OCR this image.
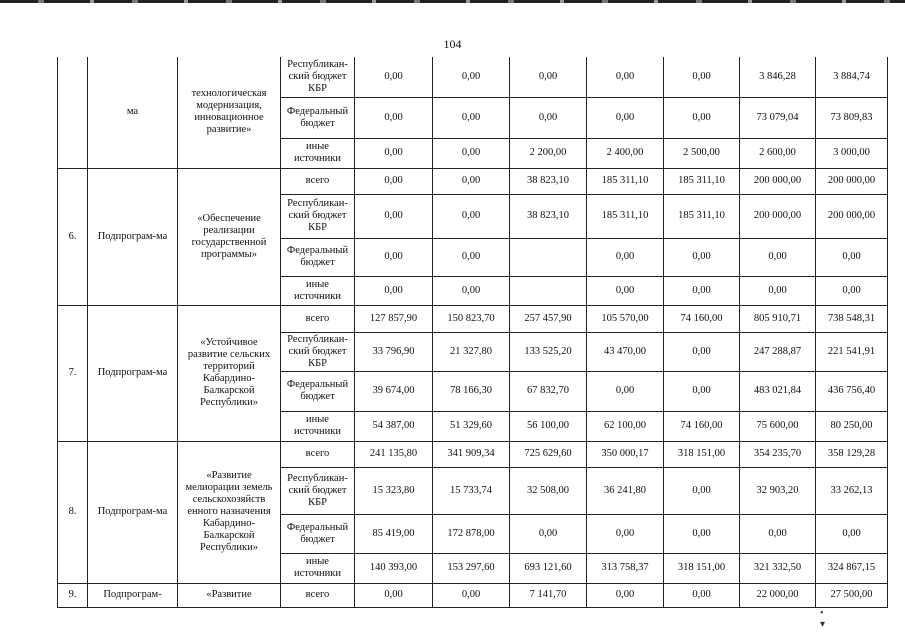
104
	ма	технологическая модернизация, инновационное развитие»	Республикан-ский бюджет КБР	0,00	0,00	0,00	0,00	0,00	3 846,28	3 884,74
			Федеральный бюджет	0,00	0,00	0,00	0,00	0,00	73 079,04	73 809,83
			иные источники	0,00	0,00	2 200,00	2 400,00	2 500,00	2 600,00	3 000,00
6.	Подпрограм-ма	«Обеспечение реализации государственной программы»	всего	0,00	0,00	38 823,10	185 311,10	185 311,10	200 000,00	200 000,00
			Республикан-ский бюджет КБР	0,00	0,00	38 823,10	185 311,10	185 311,10	200 000,00	200 000,00
			Федеральный бюджет	0,00	0,00		0,00	0,00	0,00	0,00
			иные источники	0,00	0,00		0,00	0,00	0,00	0,00
7.	Подпрограм-ма	«Устойчивое развитие сельских территорий Кабардино-Балкарской Республики»	всего	127 857,90	150 823,70	257 457,90	105 570,00	74 160,00	805 910,71	738 548,31
			Республикан-ский бюджет КБР	33 796,90	21 327,80	133 525,20	43 470,00	0,00	247 288,87	221 541,91
			Федеральный бюджет	39 674,00	78 166,30	67 832,70	0,00	0,00	483 021,84	436 756,40
			иные источники	54 387,00	51 329,60	56 100,00	62 100,00	74 160,00	75 600,00	80 250,00
8.	Подпрограм-ма	«Развитие мелиорации земель сельскохозяйств енного назначения Кабардино-Балкарской Республики»	всего	241 135,80	341 909,34	725 629,60	350 000,17	318 151,00	354 235,70	358 129,28
			Республикан-ский бюджет КБР	15 323,80	15 733,74	32 508,00	36 241,80	0,00	32 903,20	33 262,13
			Федеральный бюджет	85 419,00	172 878,00	0,00	0,00	0,00	0,00	0,00
			иные источники	140 393,00	153 297,60	693 121,60	313 758,37	318 151,00	321 332,50	324 867,15
9.	Подпрограм-	«Развитие	всего	0,00	0,00	7 141,70	0,00	0,00	22 000,00	27 500,00
• ▾
